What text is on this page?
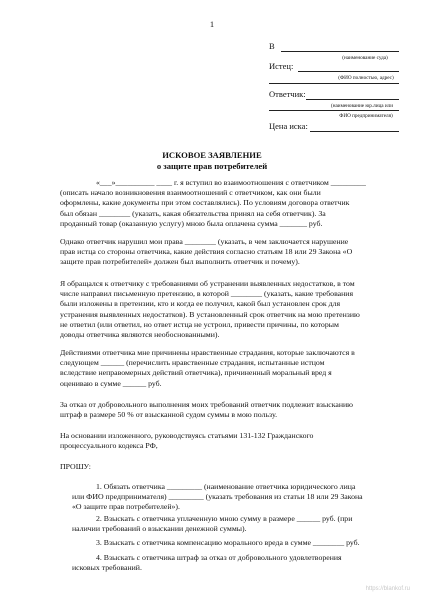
1
В
(наименование суда)
Истец:
(ФИО полностью, адрес)
Ответчик:
(наименование юр.лица или
ФИО предпринимателя)
Цена иска:
ИСКОВОЕ ЗАЯВЛЕНИЕ
о защите прав потребителей
«___»__________ ____ г. я вступил во взаимоотношения с ответчиком _________
(описать начало возникновения взаимоотношений с ответчиком, как они были
оформлены, какие документы при этом составлялись). По условиям договора ответчик
был обязан ________ (указать, какая обязательства принял на себя ответчик). За
проданный товар (оказанную услугу) мною была оплачена сумма _______ руб.
Однако ответчик нарушил мои права ________ (указать, в чем заключается нарушение
прав истца со стороны ответчика, какие действия согласно статьям 18 или 29 Закона «О
защите прав потребителей» должен был выполнить ответчик и почему).
Я обращался к ответчику с требованиями об устранении выявленных недостатков, в том
числе направил письменную претензию, в которой ________ (указать, какие требования
были изложены в претензии, кто и когда ее получил, какой был установлен срок для
устранения выявленных недостатков). В установленный срок ответчик на мою претензию
не ответил (или ответил, но ответ истца не устроил, привести причины, по которым
доводы ответчика являются необоснованными).
Действиями ответчика мне причинены нравственные страдания, которые заключаются в
следующем ______ (перечислить нравственные страдания, испытанные истцом
вследствие неправомерных действий ответчика), причиненный моральный вред я
оцениваю в сумме ______ руб.
За отказ от добровольного выполнения моих требований ответчик подлежит взысканию
штраф в размере 50 % от взысканной судом суммы в мою пользу.
На основании изложенного, руководствуясь статьями 131-132 Гражданского
процессуального кодекса РФ,
ПРОШУ:
1. Обязать ответчика _________ (наименование ответчика юридического лица
или ФИО предпринимателя) _________ (указать требования из статьи 18 или 29 Закона
«О защите прав потребителей»).
2. Взыскать с ответчика уплаченную мною сумму в размере ______ руб. (при
наличии требований о взыскании денежной суммы).
3. Взыскать с ответчика компенсацию морального вреда в сумме ________ руб.
4. Взыскать с ответчика штраф за отказ от добровольного удовлетворения
исковых требований.
https://blankof.ru
